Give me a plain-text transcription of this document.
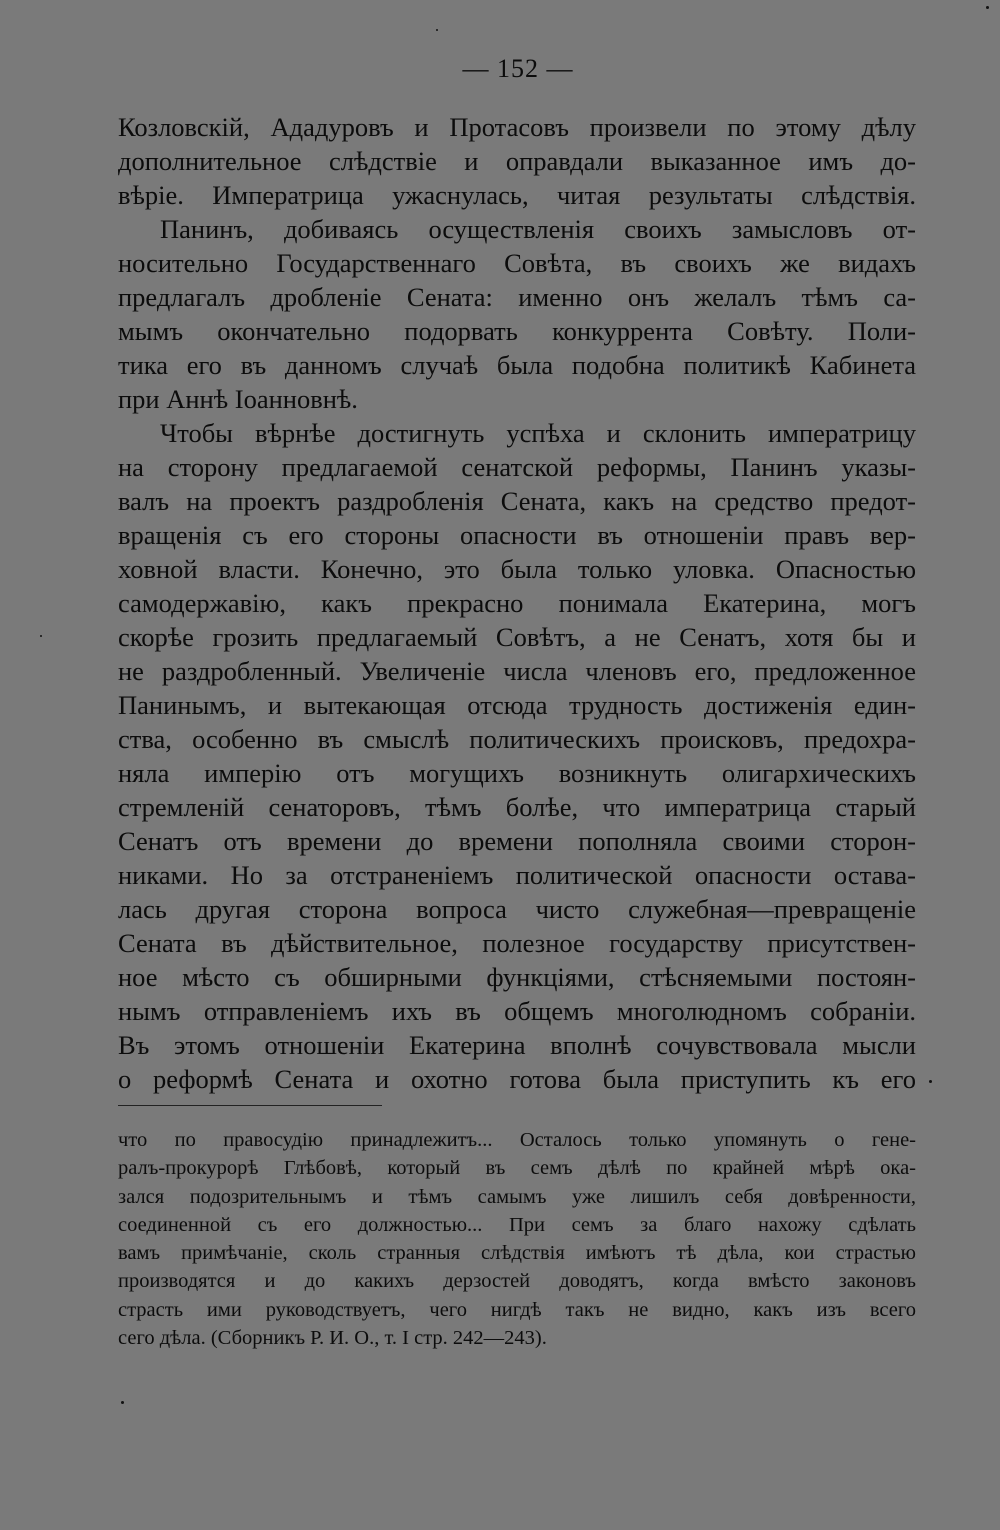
— 152 —
Козловскій, Ададуровъ и Протасовъ произвели по этому дѣлу
дополнительное слѣдствіе и оправдали выказанное имъ до-
вѣріе. Императрица ужаснулась, читая результаты слѣдствія.
Панинъ, добиваясь осуществленія своихъ замысловъ от-
носительно Государственнаго Совѣта, въ своихъ же видахъ
предлагалъ дробленіе Сената: именно онъ желалъ тѣмъ са-
мымъ окончательно подорвать конкуррента Совѣту. Поли-
тика его въ данномъ случаѣ была подобна политикѣ Кабинета
при Аннѣ Іоанновнѣ.
Чтобы вѣрнѣе достигнуть успѣха и склонить императрицу
на сторону предлагаемой сенатской реформы, Панинъ указы-
валъ на проектъ раздробленія Сената, какъ на средство предот-
вращенія съ его стороны опасности въ отношеніи правъ вер-
ховной власти. Конечно, это была только уловка. Опасностью
самодержавію, какъ прекрасно понимала Екатерина, могъ
скорѣе грозить предлагаемый Совѣтъ, а не Сенатъ, хотя бы и
не раздробленный. Увеличеніе числа членовъ его, предложенное
Панинымъ, и вытекающая отсюда трудность достиженія един-
ства, особенно въ смыслѣ политическихъ происковъ, предохра-
няла имперію отъ могущихъ возникнуть олигархическихъ
стремленій сенаторовъ, тѣмъ болѣе, что императрица старый
Сенатъ отъ времени до времени пополняла своими сторон-
никами. Но за отстраненіемъ политической опасности остава-
лась другая сторона вопроса чисто служебная—превращеніе
Сената въ дѣйствительное, полезное государству присутствен-
ное мѣсто съ обширными функціями, стѣсняемыми постоян-
нымъ отправленіемъ ихъ въ общемъ многолюдномъ собраніи.
Въ этомъ отношеніи Екатерина вполнѣ сочувствовала мысли
о реформѣ Сената и охотно готова была приступить къ его
что по правосудію принадлежитъ... Осталось только упомянуть о гене-
ралъ-прокурорѣ Глѣбовѣ, который въ семъ дѣлѣ по крайней мѣрѣ ока-
зался подозрительнымъ и тѣмъ самымъ уже лишилъ себя довѣренности,
соединенной съ его должностью... При семъ за благо нахожу сдѣлать
вамъ примѣчаніе, сколь странныя слѣдствія имѣютъ тѣ дѣла, кои страстью
производятся и до какихъ дерзостей доводятъ, когда вмѣсто законовъ
страсть ими руководствуетъ, чего нигдѣ такъ не видно, какъ изъ всего
сего дѣла. (Сборникъ Р. И. О., т. I стр. 242—243).
